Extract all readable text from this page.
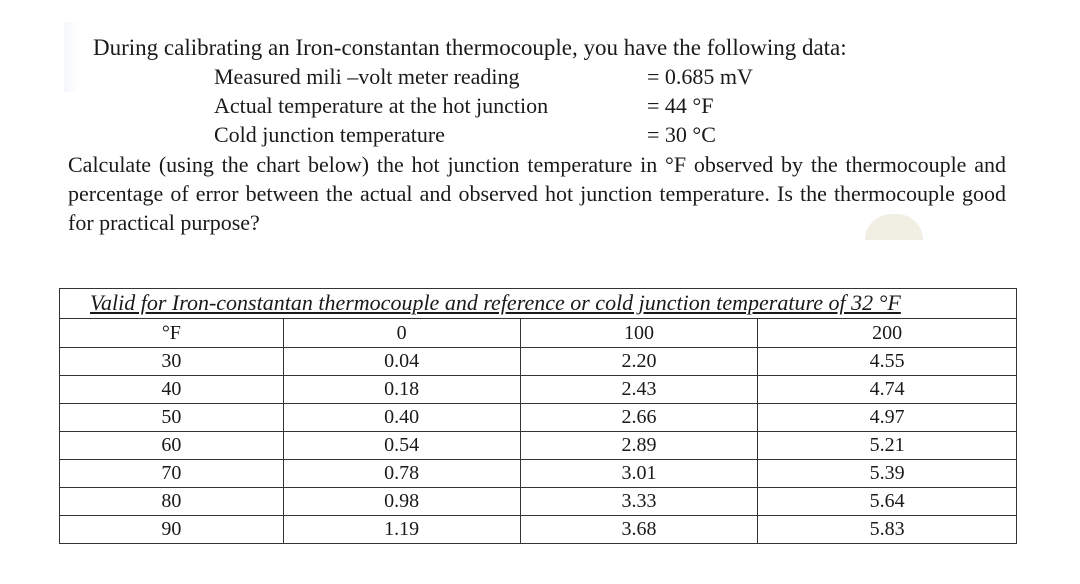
During calibrating an Iron-constantan thermocouple, you have the following data:
Measured mili –volt meter reading	= 0.685 mV
Actual temperature at the hot junction	= 44 °F
Cold junction temperature	= 30 °C
Calculate (using the chart below) the hot junction temperature in °F observed by the thermocouple and percentage of error between the actual and observed hot junction temperature. Is the thermocouple good for practical purpose?
Valid for Iron-constantan thermocouple and reference or cold junction temperature of 32 °F
°F	0	100	200
30	0.04	2.20	4.55
40	0.18	2.43	4.74
50	0.40	2.66	4.97
60	0.54	2.89	5.21
70	0.78	3.01	5.39
80	0.98	3.33	5.64
90	1.19	3.68	5.83
